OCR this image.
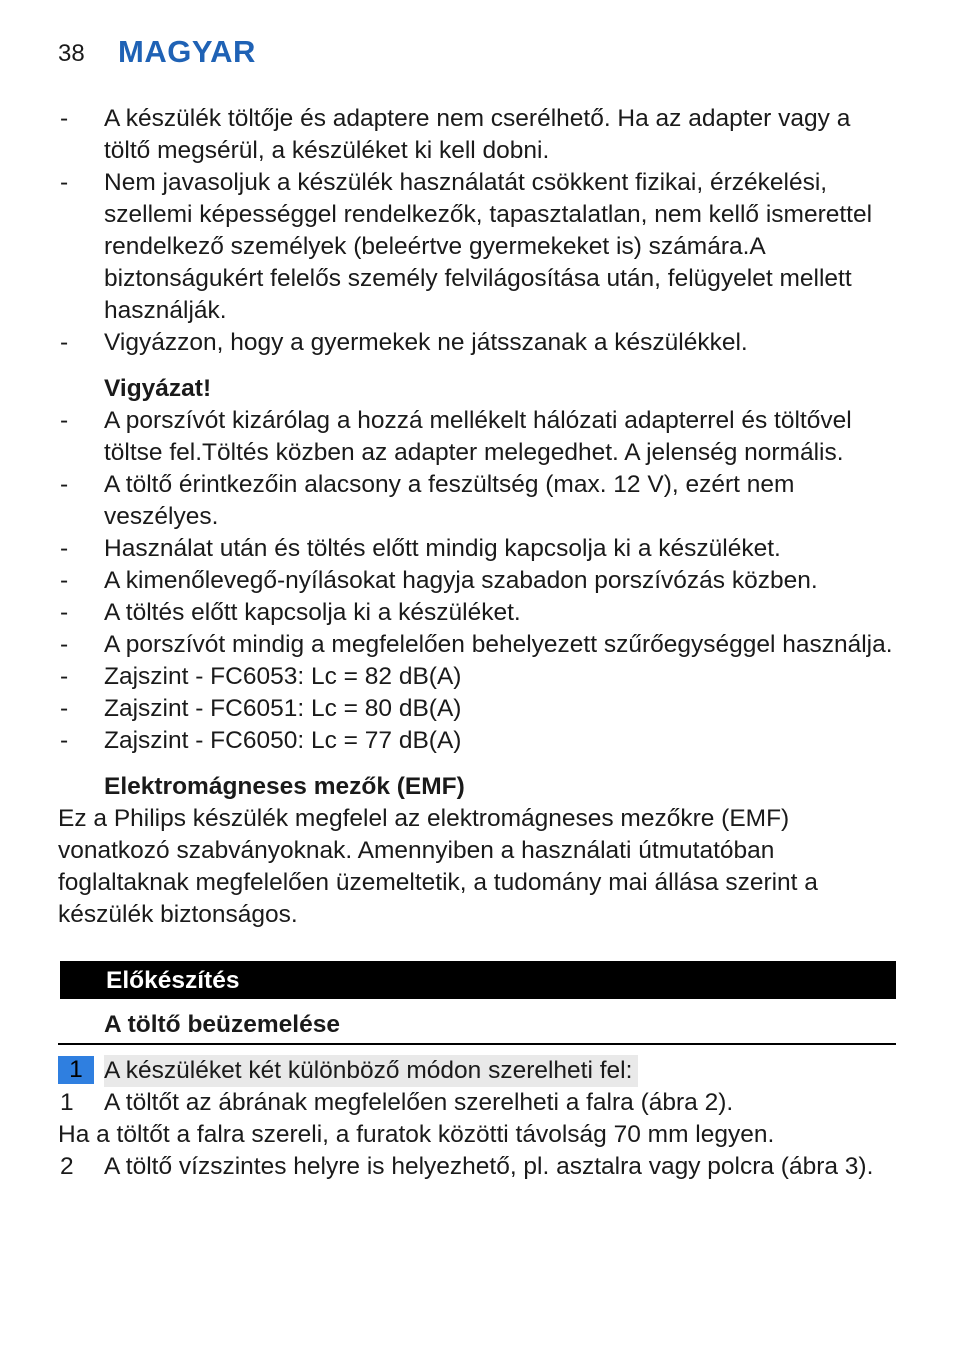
38 MAGYAR
- A készülék töltője és adaptere nem cserélhető. Ha az adapter vagy a töltő megsérül, a készüléket ki kell dobni.
- Nem javasoljuk a készülék használatát csökkent fizikai, érzékelési, szellemi képességgel rendelkezők, tapasztalatlan, nem kellő ismerettel rendelkező személyek (beleértve gyermekeket is) számára.A biztonságukért felelős személy felvilágosítása után, felügyelet mellett használják.
- Vigyázzon, hogy a gyermekek ne játsszanak a készülékkel.
Vigyázat!
- A porszívót kizárólag a hozzá mellékelt hálózati adapterrel és töltővel töltse fel.Töltés közben az adapter melegedhet. A jelenség normális.
- A töltő érintkezőin alacsony a feszültség (max. 12 V), ezért nem veszélyes.
- Használat után és töltés előtt mindig kapcsolja ki a készüléket.
- A kimenőlevegő-nyílásokat hagyja szabadon porszívózás közben.
- A töltés előtt kapcsolja ki a készüléket.
- A porszívót mindig a megfelelően behelyezett szűrőegységgel használja.
- Zajszint - FC6053: Lc = 82 dB(A)
- Zajszint - FC6051: Lc = 80 dB(A)
- Zajszint - FC6050: Lc = 77 dB(A)
Elektromágneses mezők (EMF)

Ez a Philips készülék megfelel az elektromágneses mezőkre (EMF) vonatkozó szabványoknak. Amennyiben a használati útmutatóban foglaltaknak megfelelően üzemeltetik, a tudomány mai állása szerint a készülék biztonságos.

Előkészítés
A töltő beüzemelése
1 A készüléket két különböző módon szerelheti fel:
1 A töltőt az ábrának megfelelően szerelheti a falra (ábra 2).

Ha a töltőt a falra szereli, a furatok közötti távolság 70 mm legyen.

2 A töltő vízszintes helyre is helyezhető, pl. asztalra vagy polcra (ábra 3).
